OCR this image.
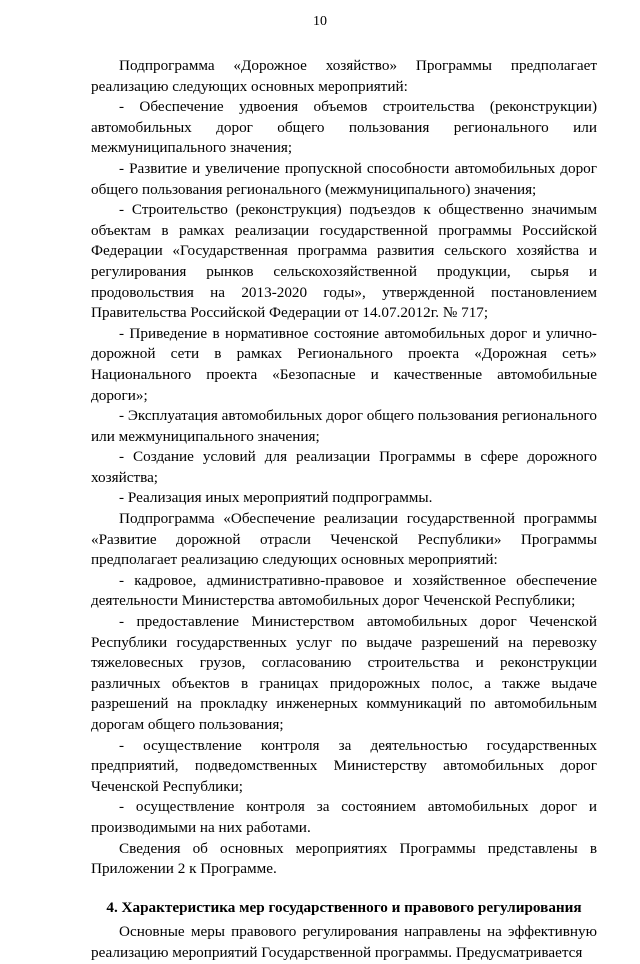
10

Подпрограмма «Дорожное хозяйство» Программы предполагает реализацию следующих основных мероприятий:

- Обеспечение удвоения объемов строительства (реконструкции) автомобильных дорог общего пользования регионального или межмуниципального значения;

- Развитие и увеличение пропускной способности автомобильных дорог общего пользования регионального (межмуниципального) значения;

- Строительство (реконструкция) подъездов к общественно значимым объектам в рамках реализации государственной программы Российской Федерации «Государственная программа развития сельского хозяйства и регулирования рынков сельскохозяйственной продукции, сырья и продовольствия на 2013-2020 годы», утвержденной постановлением Правительства Российской Федерации от 14.07.2012г. № 717;

- Приведение в нормативное состояние автомобильных дорог и улично-дорожной сети в рамках Регионального проекта «Дорожная сеть» Национального проекта «Безопасные и качественные автомобильные дороги»;

- Эксплуатация автомобильных дорог общего пользования регионального или межмуниципального значения;

- Создание условий для реализации Программы в сфере дорожного хозяйства;

- Реализация иных мероприятий подпрограммы.

Подпрограмма «Обеспечение реализации государственной программы «Развитие дорожной отрасли Чеченской Республики» Программы предполагает реализацию следующих основных мероприятий:

- кадровое, административно-правовое и хозяйственное обеспечение деятельности Министерства автомобильных дорог Чеченской Республики;

- предоставление Министерством автомобильных дорог Чеченской Республики государственных услуг по выдаче разрешений на перевозку тяжеловесных грузов, согласованию строительства и реконструкции различных объектов в границах придорожных полос, а также выдаче разрешений на прокладку инженерных коммуникаций по автомобильным дорогам общего пользования;

- осуществление контроля за деятельностью государственных предприятий, подведомственных Министерству автомобильных дорог Чеченской Республики;

- осуществление контроля за состоянием автомобильных дорог и производимыми на них работами.

Сведения об основных мероприятиях Программы представлены в Приложении 2 к Программе.

4. Характеристика мер государственного и правового регулирования

Основные меры правового регулирования направлены на эффективную реализацию мероприятий Государственной программы. Предусматривается
